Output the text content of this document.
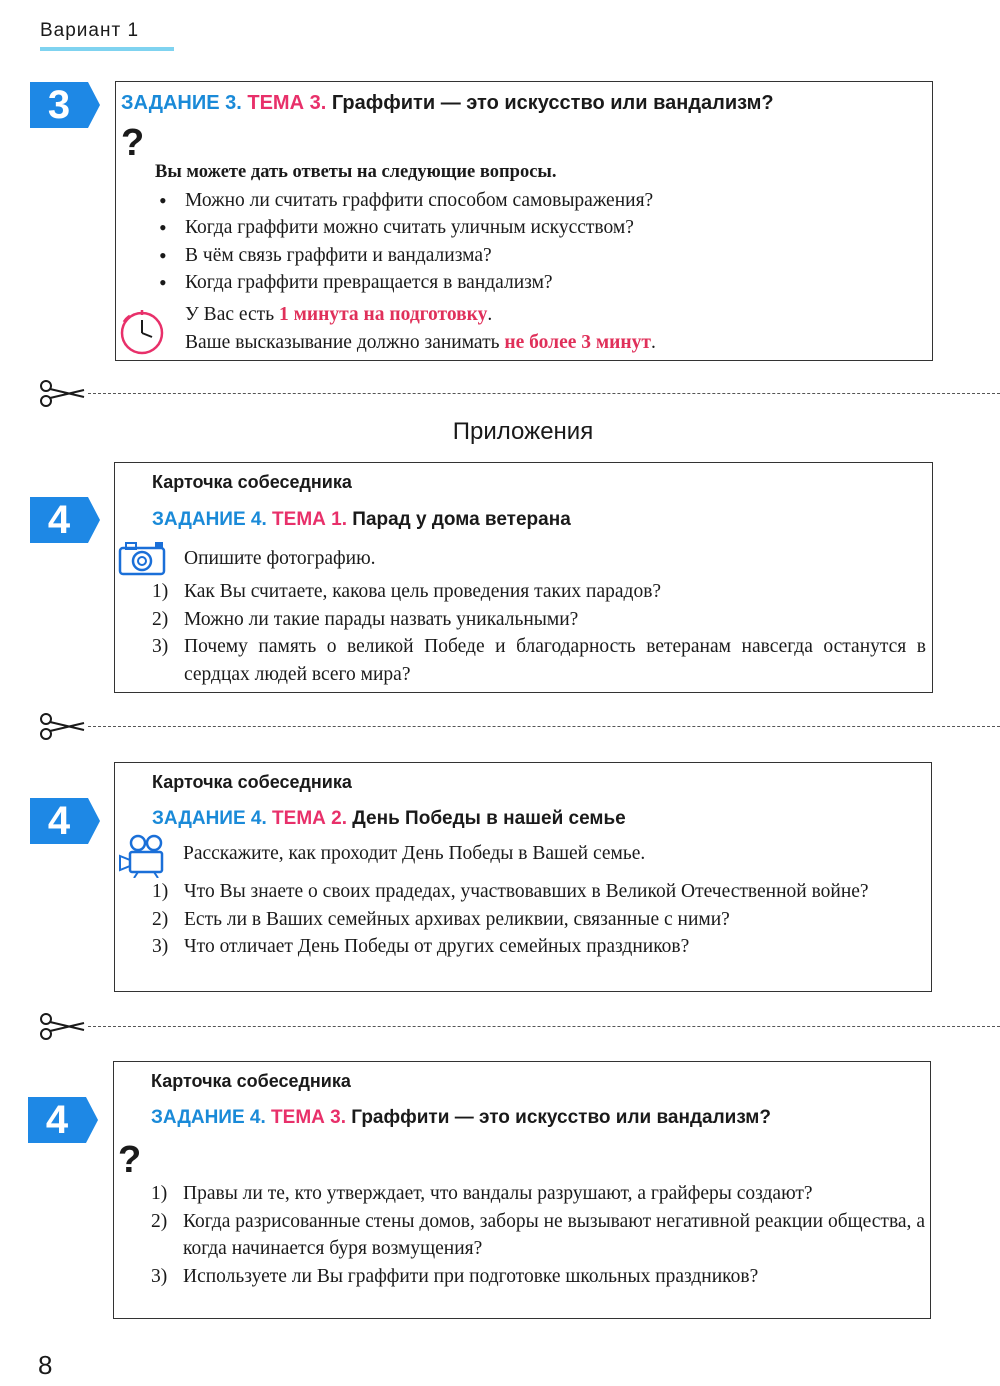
Вариант 1
3	ЗАДАНИЕ 3. ТЕМА 3. Граффити — это искусство или вандализм?
?
Вы можете дать ответы на следующие вопросы.
• Можно ли считать граффити способом самовыражения?
• Когда граффити можно считать уличным искусством?
• В чём связь граффити и вандализма?
• Когда граффити превращается в вандализм?
У Вас есть 1 минута на подготовку.
Ваше высказывание должно занимать не более 3 минут.
Приложения
4
Карточка собеседника
ЗАДАНИЕ 4. ТЕМА 1. Парад у дома ветерана
Опишите фотографию.
1) Как Вы считаете, какова цель проведения таких парадов?
2) Можно ли такие парады назвать уникальными?
3) Почему память о великой Победе и благодарность ветеранам навсегда останутся в сердцах людей всего мира?
4
Карточка собеседника
ЗАДАНИЕ 4. ТЕМА 2. День Победы в нашей семье
Расскажите, как проходит День Победы в Вашей семье.
1) Что Вы знаете о своих прадедах, участвовавших в Великой Отечественной войне?
2) Есть ли в Ваших семейных архивах реликвии, связанные с ними?
3) Что отличает День Победы от других семейных праздников?
4
Карточка собеседника
ЗАДАНИЕ 4. ТЕМА 3. Граффити — это искусство или вандализм?
?
1) Правы ли те, кто утверждает, что вандалы разрушают, а грайферы создают?
2) Когда разрисованные стены домов, заборы не вызывают негативной реакции общества, а когда начинается буря возмущения?
3) Используете ли Вы граффити при подготовке школьных праздников?
8
